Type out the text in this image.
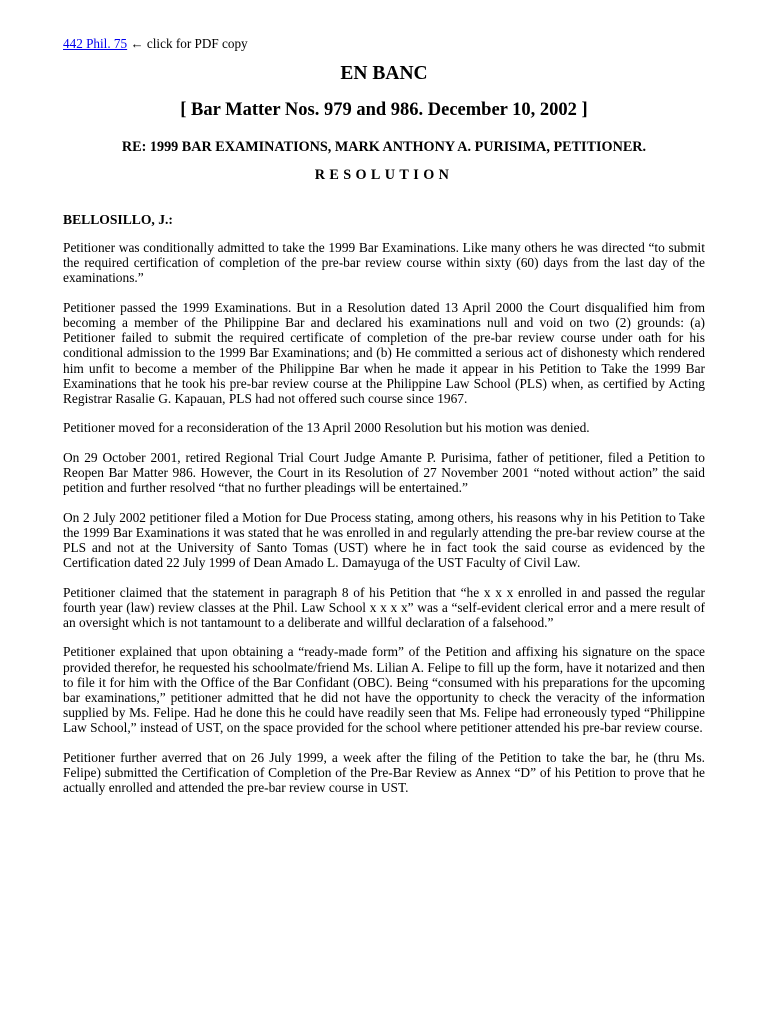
442 Phil. 75 ← click for PDF copy
EN BANC
[ Bar Matter Nos. 979 and 986. December 10, 2002 ]
RE: 1999 BAR EXAMINATIONS, MARK ANTHONY A. PURISIMA, PETITIONER.
RESOLUTION
BELLOSILLO, J.:

Petitioner was conditionally admitted to take the 1999 Bar Examinations. Like many others he was directed “to submit the required certification of completion of the pre-bar review course within sixty (60) days from the last day of the examinations.”

Petitioner passed the 1999 Examinations. But in a Resolution dated 13 April 2000 the Court disqualified him from becoming a member of the Philippine Bar and declared his examinations null and void on two (2) grounds: (a) Petitioner failed to submit the required certificate of completion of the pre-bar review course under oath for his conditional admission to the 1999 Bar Examinations; and (b) He committed a serious act of dishonesty which rendered him unfit to become a member of the Philippine Bar when he made it appear in his Petition to Take the 1999 Bar Examinations that he took his pre-bar review course at the Philippine Law School (PLS) when, as certified by Acting Registrar Rasalie G. Kapauan, PLS had not offered such course since 1967.

Petitioner moved for a reconsideration of the 13 April 2000 Resolution but his motion was denied.

On 29 October 2001, retired Regional Trial Court Judge Amante P. Purisima, father of petitioner, filed a Petition to Reopen Bar Matter 986. However, the Court in its Resolution of 27 November 2001 “noted without action” the said petition and further resolved “that no further pleadings will be entertained.”

On 2 July 2002 petitioner filed a Motion for Due Process stating, among others, his reasons why in his Petition to Take the 1999 Bar Examinations it was stated that he was enrolled in and regularly attending the pre-bar review course at the PLS and not at the University of Santo Tomas (UST) where he in fact took the said course as evidenced by the Certification dated 22 July 1999 of Dean Amado L. Damayuga of the UST Faculty of Civil Law.

Petitioner claimed that the statement in paragraph 8 of his Petition that “he x x x enrolled in and passed the regular fourth year (law) review classes at the Phil. Law School x x x x” was a “self-evident clerical error and a mere result of an oversight which is not tantamount to a deliberate and willful declaration of a falsehood.”

Petitioner explained that upon obtaining a “ready-made form” of the Petition and affixing his signature on the space provided therefor, he requested his schoolmate/friend Ms. Lilian A. Felipe to fill up the form, have it notarized and then to file it for him with the Office of the Bar Confidant (OBC). Being “consumed with his preparations for the upcoming bar examinations,” petitioner admitted that he did not have the opportunity to check the veracity of the information supplied by Ms. Felipe. Had he done this he could have readily seen that Ms. Felipe had erroneously typed “Philippine Law School,” instead of UST, on the space provided for the school where petitioner attended his pre-bar review course.

Petitioner further averred that on 26 July 1999, a week after the filing of the Petition to take the bar, he (thru Ms. Felipe) submitted the Certification of Completion of the Pre-Bar Review as Annex “D” of his Petition to prove that he actually enrolled and attended the pre-bar review course in UST.
